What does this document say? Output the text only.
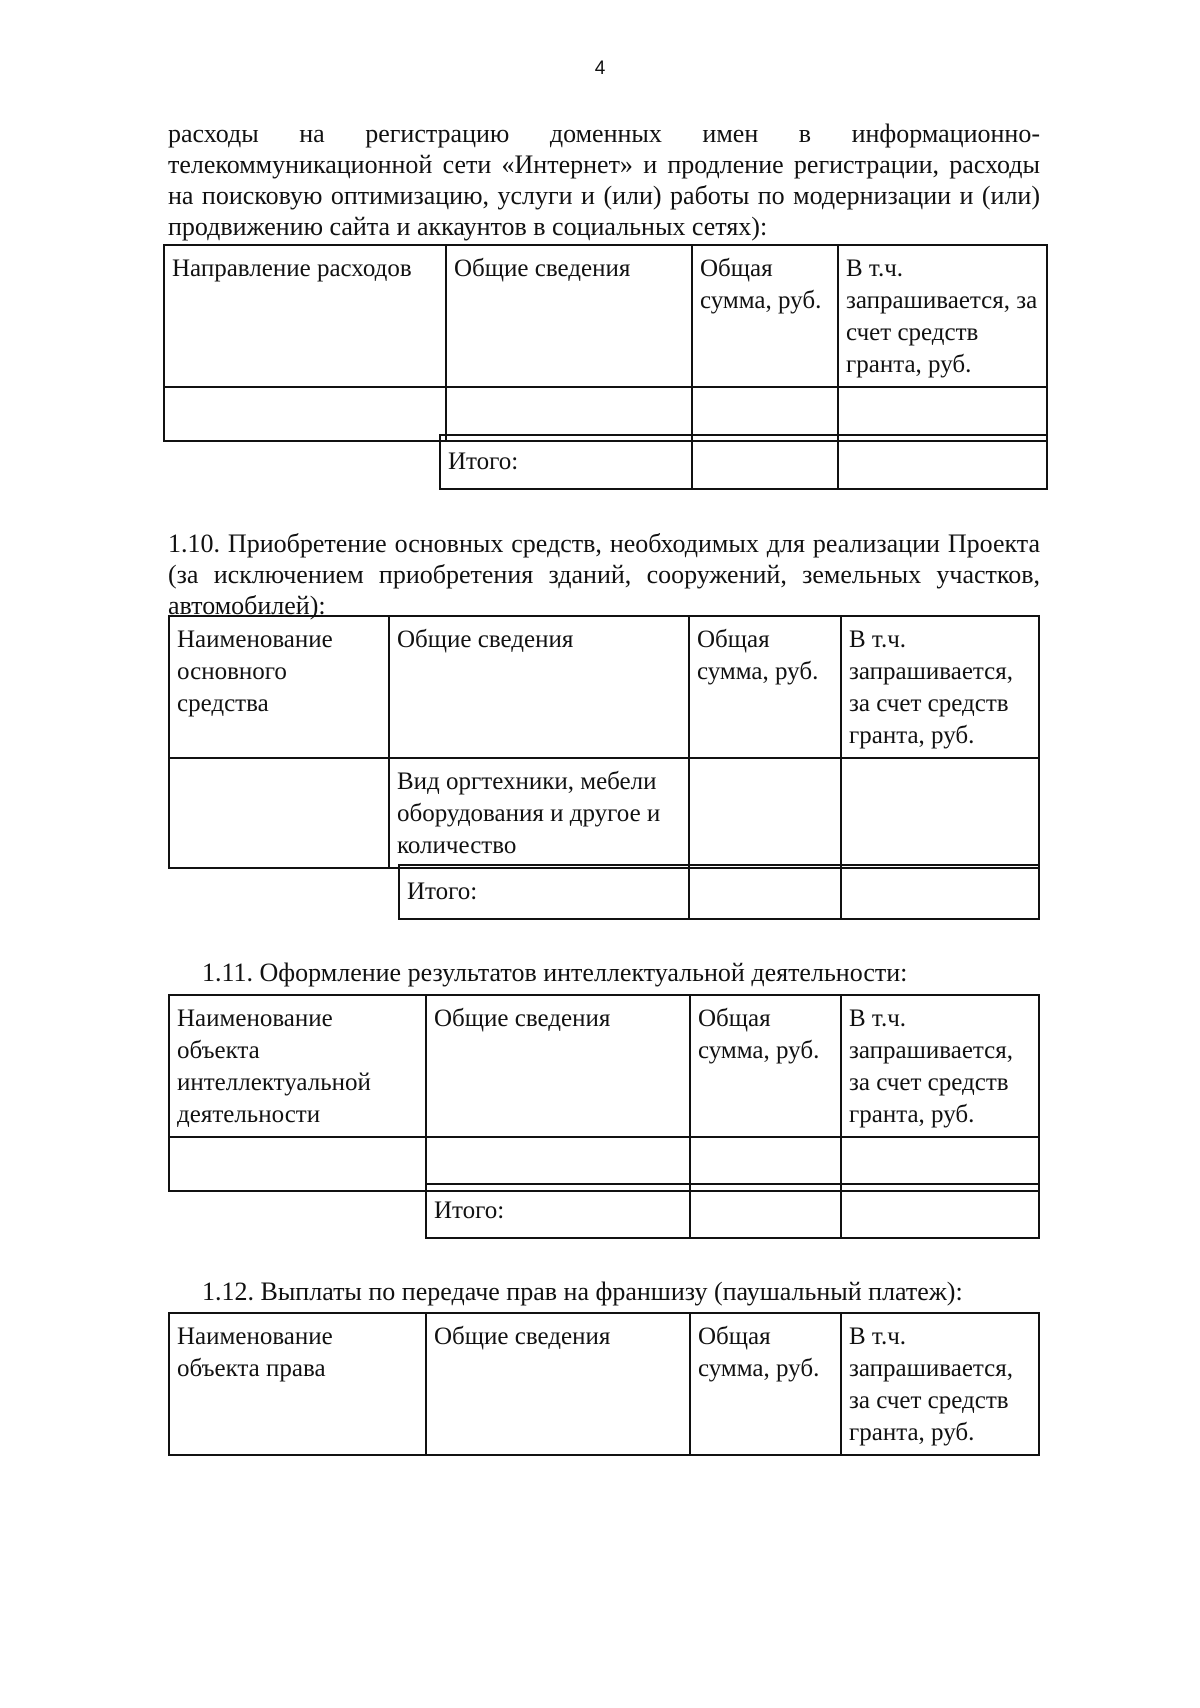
4
расходы на регистрацию доменных имен в информационно-
телекоммуникационной сети «Интернет» и продление регистрации, расходы на поисковую оптимизацию, услуги и (или) работы по модернизации и (или) продвижению сайта и аккаунтов в социальных сетях):
Направление расходов	Общие сведения	Общая сумма, руб.	В т.ч. запрашивается, за счет средств гранта, руб.

Итого:		
1.10. Приобретение основных средств, необходимых для реализации Проекта
(за исключением приобретения зданий, сооружений, земельных участков,
автомобилей):
Наименование основного средства	Общие сведения	Общая сумма, руб.	В т.ч. запрашивается, за счет средств гранта, руб.
	Вид оргтехники, мебели оборудования и другое и количество		
Итого:		
1.11. Оформление результатов интеллектуальной деятельности:
Наименование объекта интеллектуальной деятельности	Общие сведения	Общая сумма, руб.	В т.ч. запрашивается, за счет средств гранта, руб.

Итого:		
1.12. Выплаты по передаче прав на франшизу (паушальный платеж):
Наименование объекта права	Общие сведения	Общая сумма, руб.	В т.ч. запрашивается, за счет средств гранта, руб.
